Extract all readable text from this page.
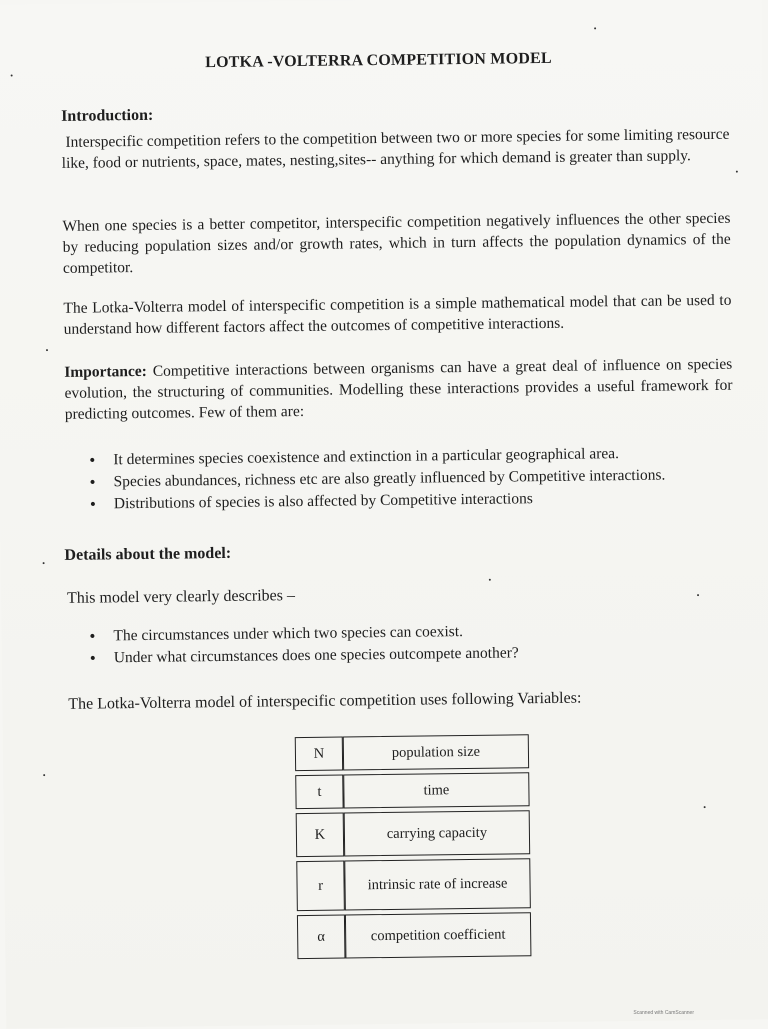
LOTKA -VOLTERRA COMPETITION MODEL
Introduction:
Interspecific competition refers to the competition between two or more species for some limiting resource like, food or nutrients, space, mates, nesting,sites-- anything for which demand is greater than supply.
When one species is a better competitor, interspecific competition negatively influences the other species by reducing population sizes and/or growth rates, which in turn affects the population dynamics of the competitor.
The Lotka-Volterra model of interspecific competition is a simple mathematical model that can be used to understand how different factors affect the outcomes of competitive interactions.
Importance: Competitive interactions between organisms can have a great deal of influence on species evolution, the structuring of communities. Modelling these interactions provides a useful framework for predicting outcomes. Few of them are:
• It determines species coexistence and extinction in a particular geographical area.
• Species abundances, richness etc are also greatly influenced by Competitive interactions.
• Distributions of species is also affected by Competitive interactions
Details about the model:
This model very clearly describes –
• The circumstances under which two species can coexist.
• Under what circumstances does one species outcompete another?
The Lotka-Volterra model of interspecific competition uses following Variables:
N	population size
t	time
K	carrying capacity
r	intrinsic rate of increase
α	competition coefficient
Scanned with CamScanner
